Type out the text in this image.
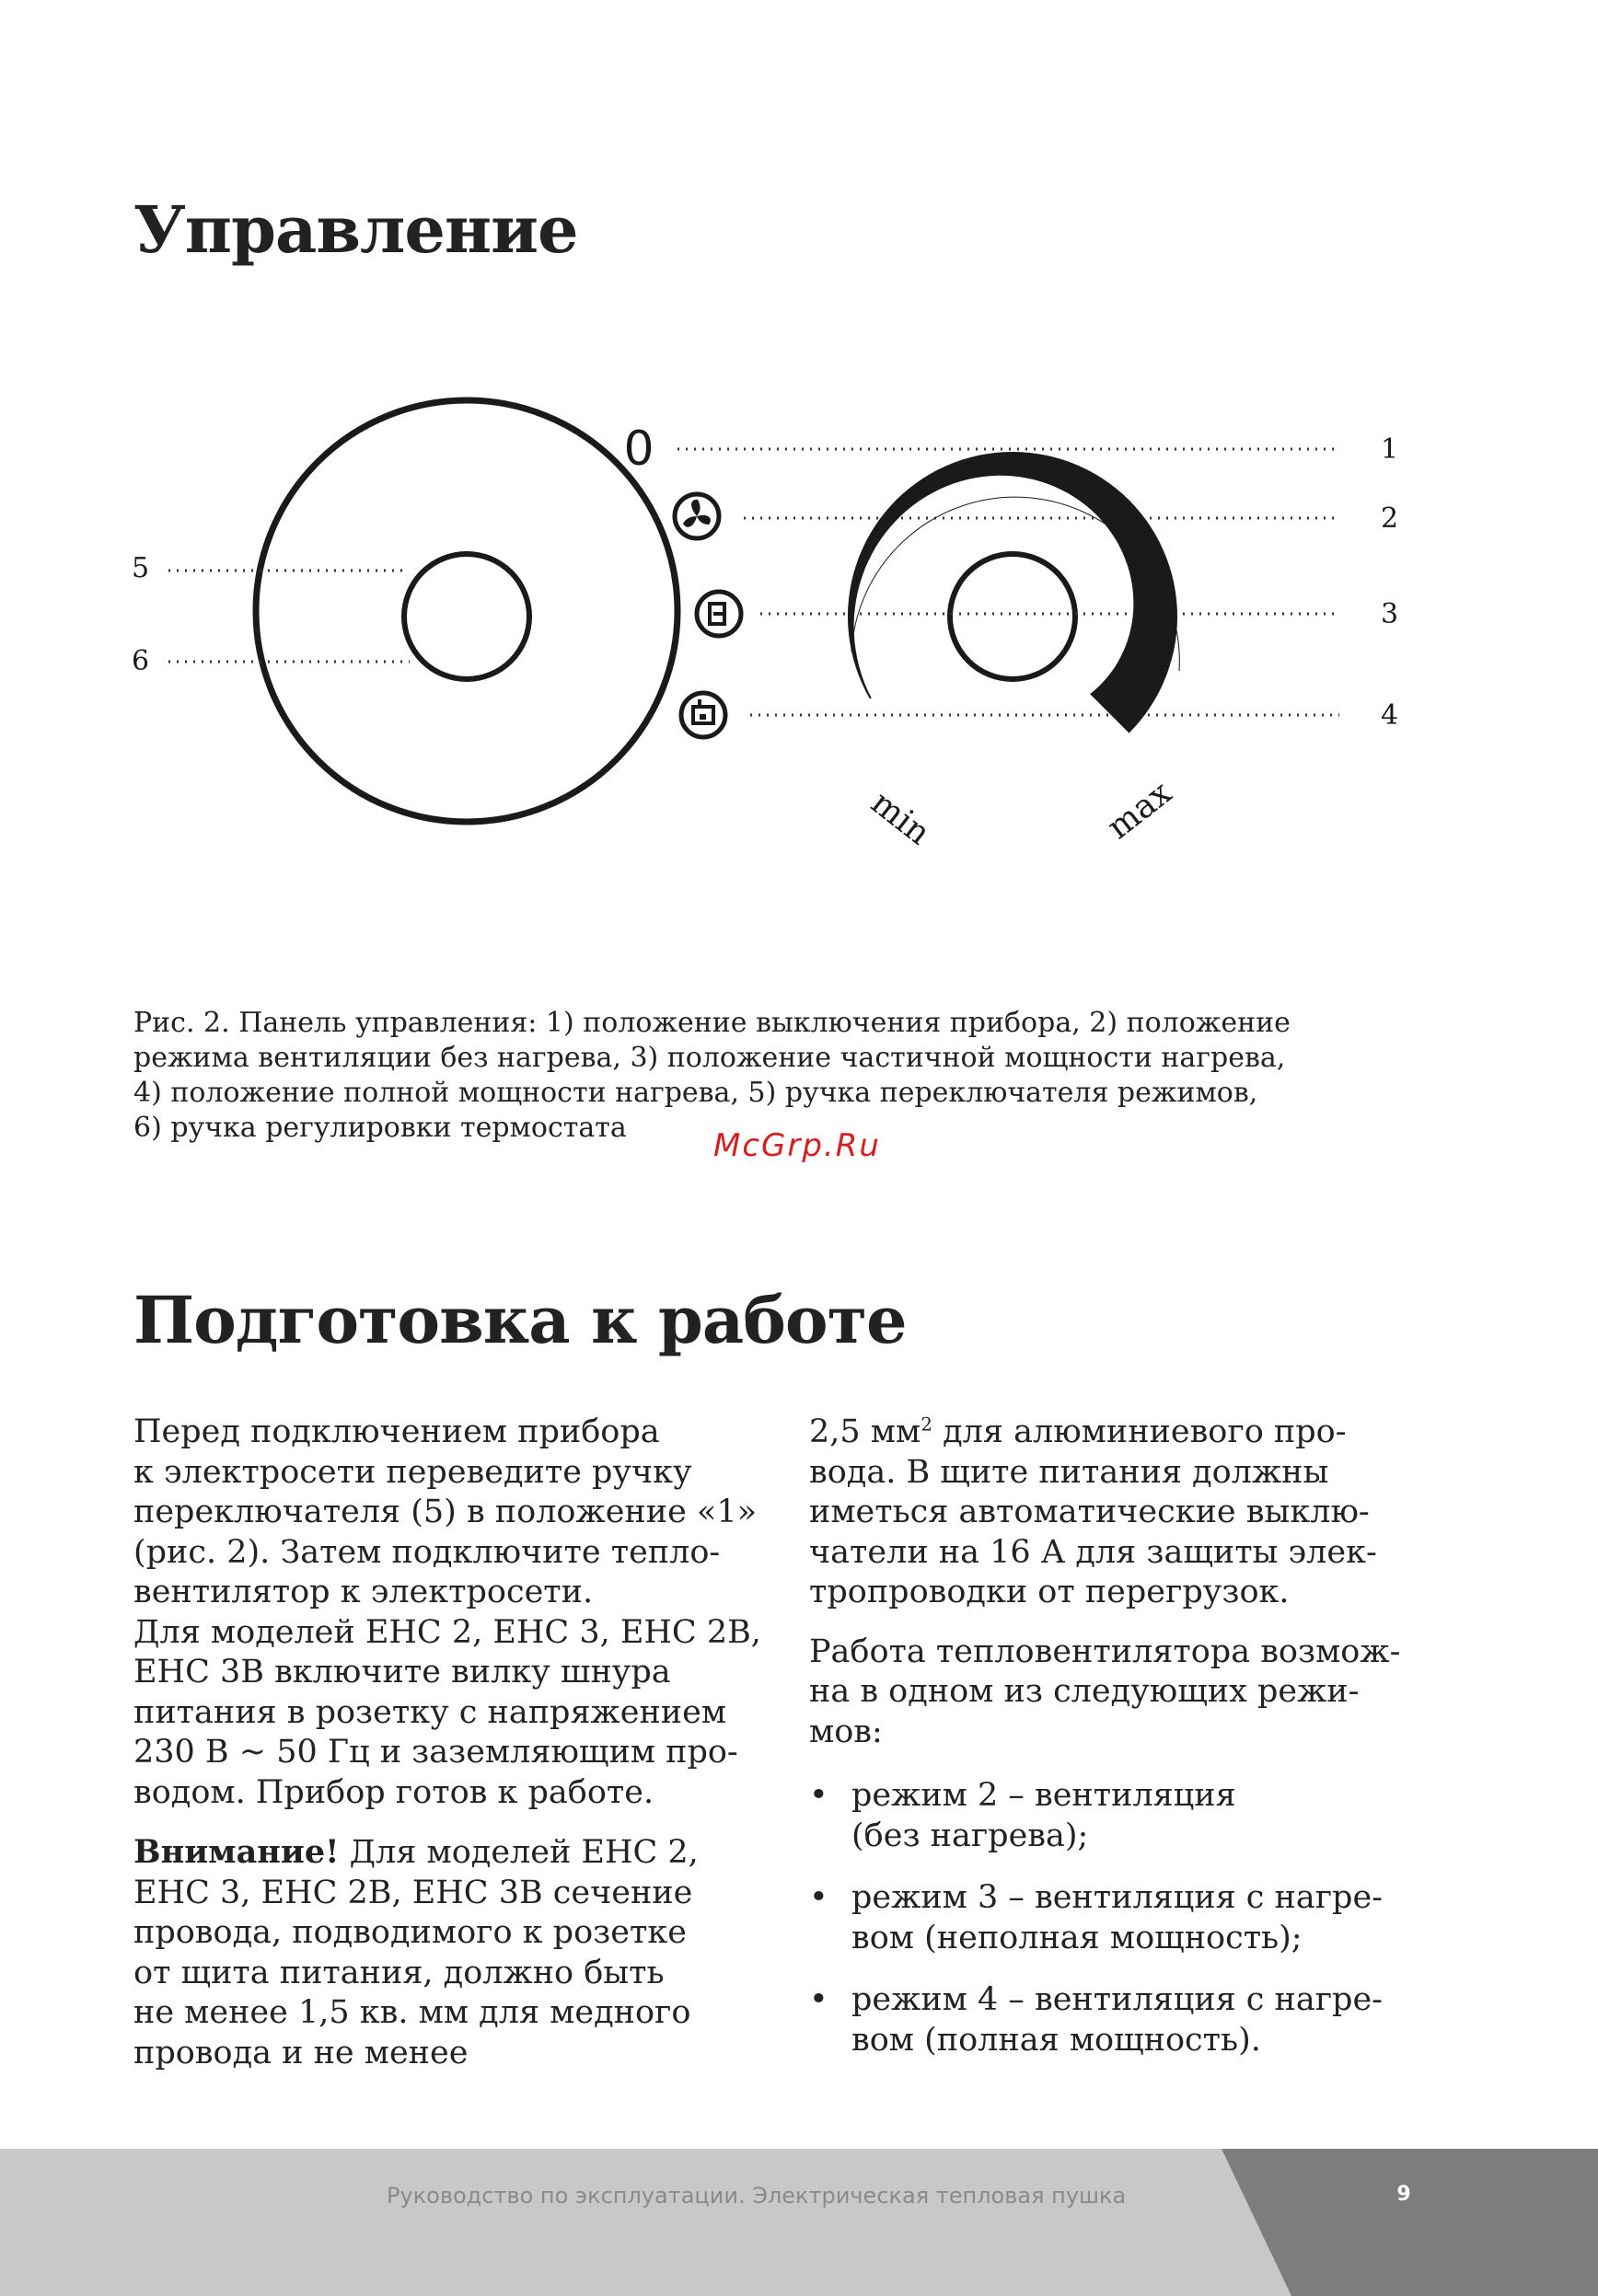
Управление
0	1
2
3
4
5
6
min	max
Рис. 2. Панель управления: 1) положение выключения прибора, 2) положение
режима вентиляции без нагрева, 3) положение частичной мощности нагрева,
4) положение полной мощности нагрева, 5) ручка переключателя режимов,
6) ручка регулировки термостата	McGrp.Ru
Подготовка к работе

Перед подключением прибора
к электросети переведите ручку
переключателя (5) в положение «1»
(рис. 2). Затем подключите тепло-
вентилятор к электросети.
Для моделей ЕНС 2, ЕНС 3, ЕНС 2В,
ЕНС 3В включите вилку шнура
питания в розетку с напряжением
230 В ~ 50 Гц и заземляющим про-
водом. Прибор готов к работе.

Внимание! Для моделей ЕНС 2,
ЕНС 3, ЕНС 2В, ЕНС 3В сечение
провода, подводимого к розетке
от щита питания, должно быть
не менее 1,5 кв. мм для медного
провода и не менее

2,5 $мм^2$ для алюминиевого про-
вода. В щите питания должны
иметься автоматические выклю-
чатели на 16 А для защиты элек-
тропроводки от перегрузок.

Работа тепловентилятора возмож-
на в одном из следующих режи-
мов:

• режим 2 – вентиляция
(без нагрева);
• режим 3 – вентиляция с нагре-
вом (неполная мощность);
• режим 4 – вентиляция с нагре-
вом (полная мощность).
Руководство по эксплуатации. Электрическая тепловая пушка	9
